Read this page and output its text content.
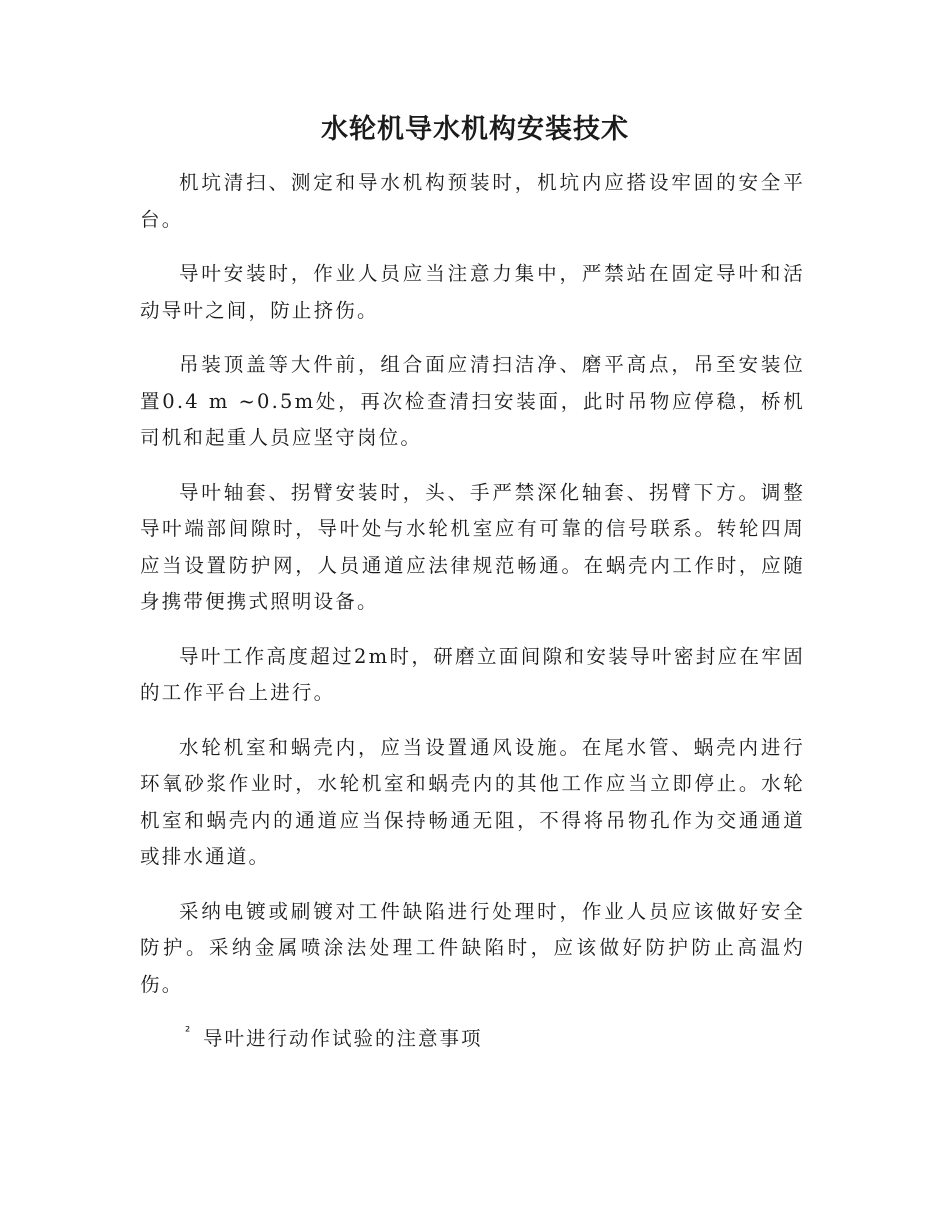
水轮机导水机构安装技术

机坑清扫、测定和导水机构预装时，机坑内应搭设牢固的安全平台。

导叶安装时，作业人员应当注意力集中，严禁站在固定导叶和活动导叶之间，防止挤伤。

吊装顶盖等大件前，组合面应清扫洁净、磨平高点，吊至安装位置0.4 m ~0.5m处，再次检查清扫安装面，此时吊物应停稳，桥机司机和起重人员应坚守岗位。

导叶轴套、拐臂安装时，头、手严禁深化轴套、拐臂下方。调整导叶端部间隙时，导叶处与水轮机室应有可靠的信号联系。转轮四周应当设置防护网，人员通道应法律规范畅通。在蜗壳内工作时，应随身携带便携式照明设备。

导叶工作高度超过2m时，研磨立面间隙和安装导叶密封应在牢固的工作平台上进行。

水轮机室和蜗壳内，应当设置通风设施。在尾水管、蜗壳内进行环氧砂浆作业时，水轮机室和蜗壳内的其他工作应当立即停止。水轮机室和蜗壳内的通道应当保持畅通无阻，不得将吊物孔作为交通通道或排水通道。

采纳电镀或刷镀对工件缺陷进行处理时，作业人员应该做好安全防护。采纳金属喷涂法处理工件缺陷时，应该做好防护防止高温灼伤。

² 导叶进行动作试验的注意事项
